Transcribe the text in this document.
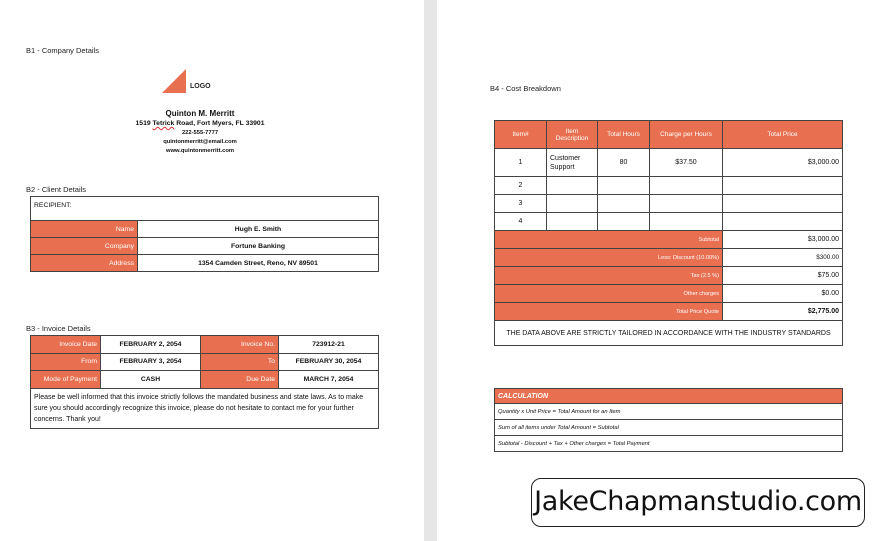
B1 - Company Details
LOGO
Quinton M. Merritt
1519 Tetrick Road, Fort Myers, FL 33901
222-555-7777
quintonmerritt@email.com
www.quintonmerritt.com
B2 - Client Details
RECIPIENT:	
Name	Hugh E. Smith
Company	Fortune Banking
Address	1354 Camden Street, Reno, NV 89501
B3 - Invoice Details
Invoice Date	FEBRUARY 2, 2054	Invoice No.	723912-21
From	FEBRUARY 3, 2054	To	FEBRUARY 30, 2054
Mode of Payment	CASH	Due Date	MARCH 7, 2054
Please be well informed that this invoice strictly follows the mandated business and state laws. As to make sure you should accordingly recognize this invoice, please do not hesitate to contact me for your further concerns. Thank you!			
B4 - Cost Breakdown
Item#	Item Description	Total Hours	Charge per Hours	Total Price
1	Customer Support	80	$37.50	$3,000.00
2				
3				
4				
Subtotal				$3,000.00
Less: Discount (10.00%)				$300.00
Tax (2.5 %)				$75.00
Other charges				$0.00
Total Price Quote				$2,775.00
THE DATA ABOVE ARE STRICTLY TAILORED IN ACCORDANCE WITH THE INDUSTRY STANDARDS				
CALCULATION
Quantity x Unit Price = Total Amount for an Item
Sum of all items under Total Amount = Subtotal
Subtotal - Discount + Tax + Other charges = Total Payment
JakeChapmanstudio.com
